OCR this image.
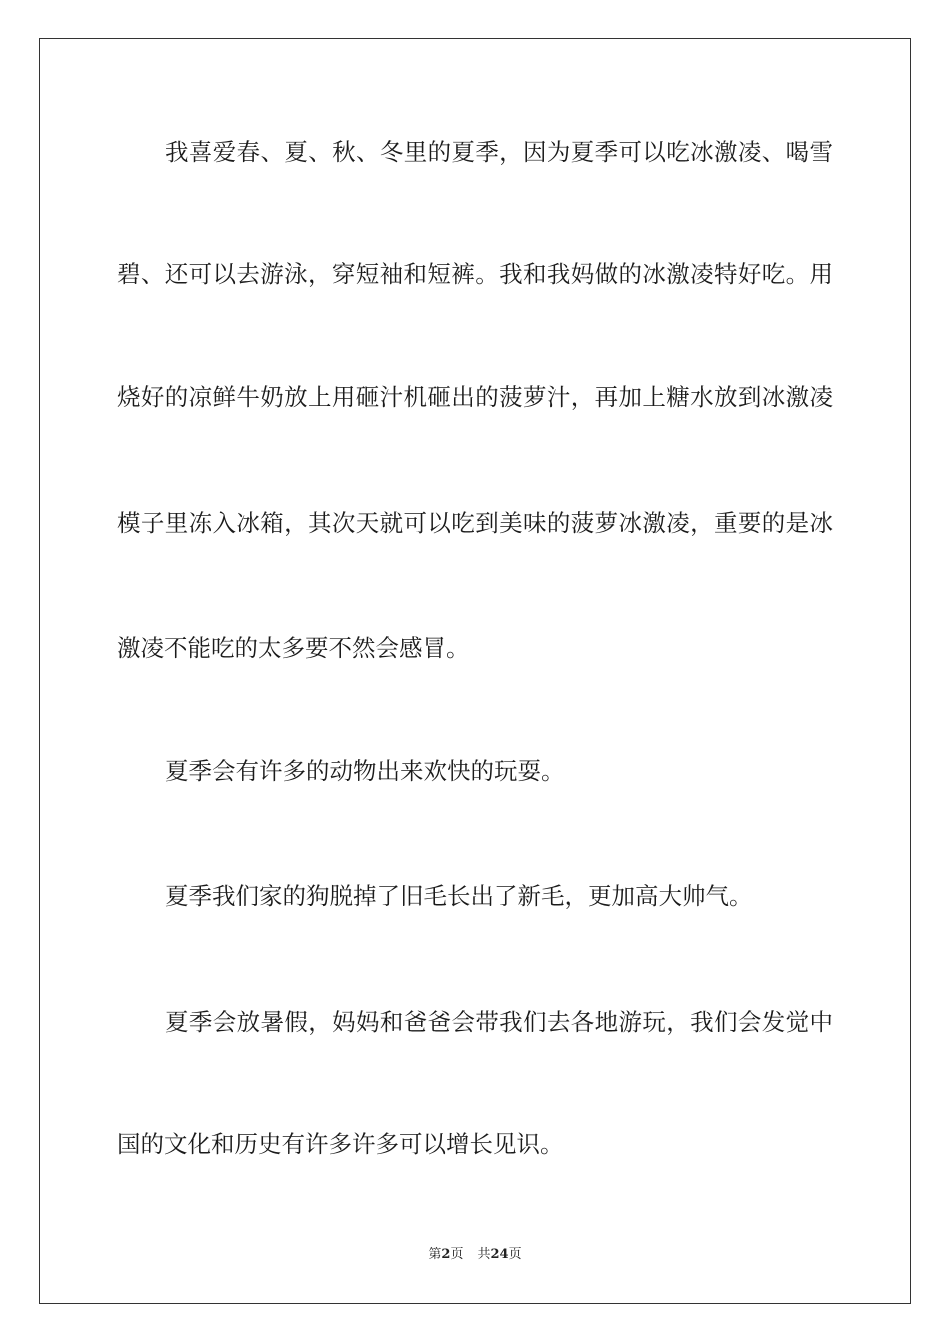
我喜爱春、夏、秋、冬里的夏季，因为夏季可以吃冰激凌、喝雪
碧、还可以去游泳，穿短袖和短裤。我和我妈做的冰激凌特好吃。用
烧好的凉鲜牛奶放上用砸汁机砸出的菠萝汁，再加上糖水放到冰激凌
模子里冻入冰箱，其次天就可以吃到美味的菠萝冰激凌，重要的是冰
激凌不能吃的太多要不然会感冒。
夏季会有许多的动物出来欢快的玩耍。
夏季我们家的狗脱掉了旧毛长出了新毛，更加高大帅气。
夏季会放暑假，妈妈和爸爸会带我们去各地游玩，我们会发觉中
国的文化和历史有许多许多可以增长见识。
第2页 共24页
